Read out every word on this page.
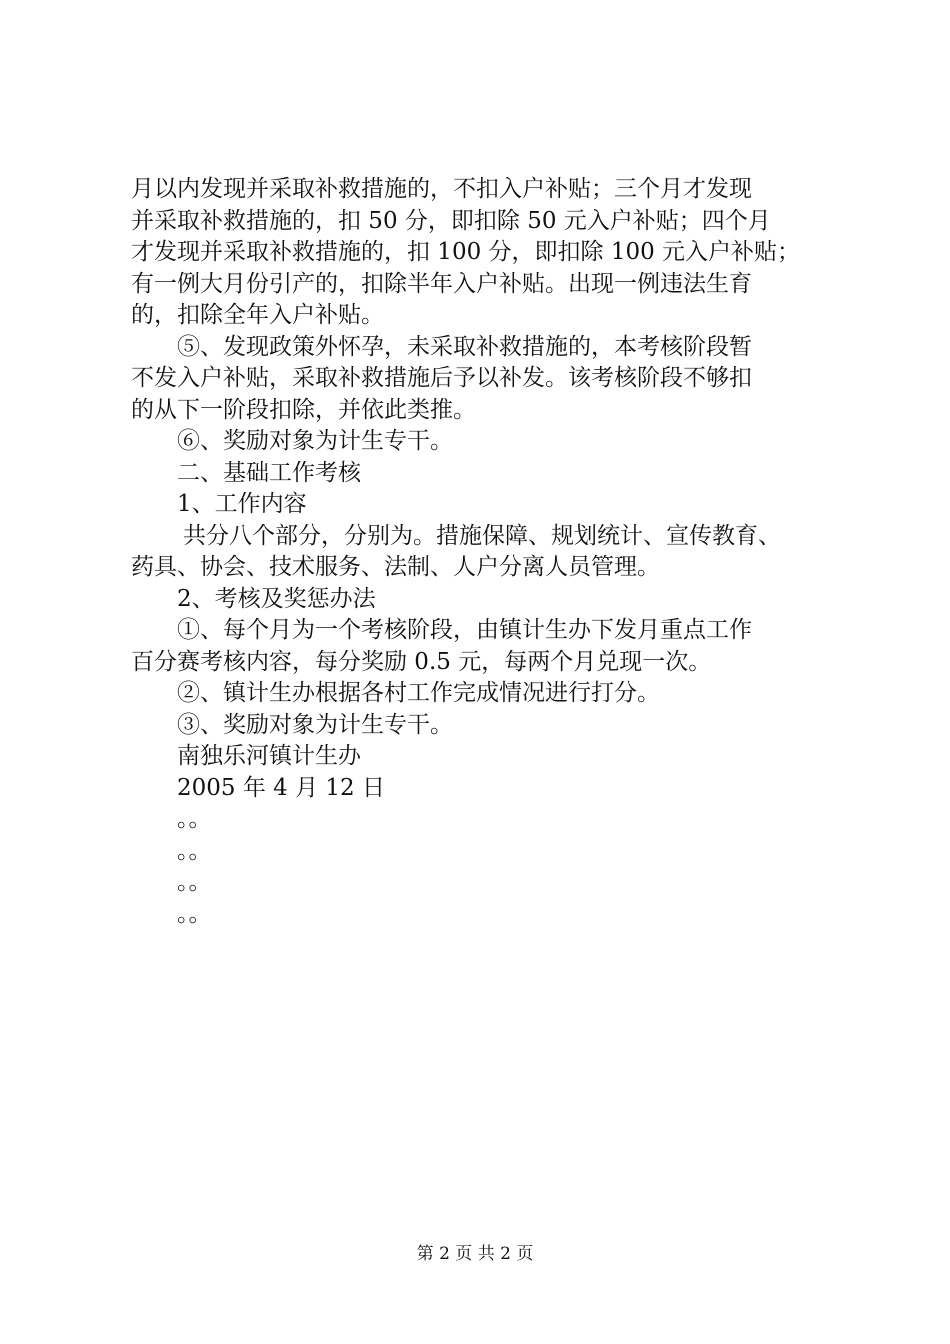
月以内发现并采取补救措施的，不扣入户补贴；三个月才发现
并采取补救措施的，扣 50 分，即扣除 50 元入户补贴；四个月
才发现并采取补救措施的，扣 100 分，即扣除 100 元入户补贴；
有一例大月份引产的，扣除半年入户补贴。出现一例违法生育
的，扣除全年入户补贴。
⑤、发现政策外怀孕，未采取补救措施的，本考核阶段暂
不发入户补贴，采取补救措施后予以补发。该考核阶段不够扣
的从下一阶段扣除，并依此类推。
⑥、奖励对象为计生专干。
二、基础工作考核
1、工作内容
共分八个部分，分别为。措施保障、规划统计、宣传教育、
药具、协会、技术服务、法制、人户分离人员管理。
2、考核及奖惩办法
①、每个月为一个考核阶段，由镇计生办下发月重点工作
百分赛考核内容，每分奖励 0.5 元，每两个月兑现一次。
②、镇计生办根据各村工作完成情况进行打分。
③、奖励对象为计生专干。
南独乐河镇计生办
2005 年 4 月 12 日
。。
。。
。。
。。
第 2 页 共 2 页
